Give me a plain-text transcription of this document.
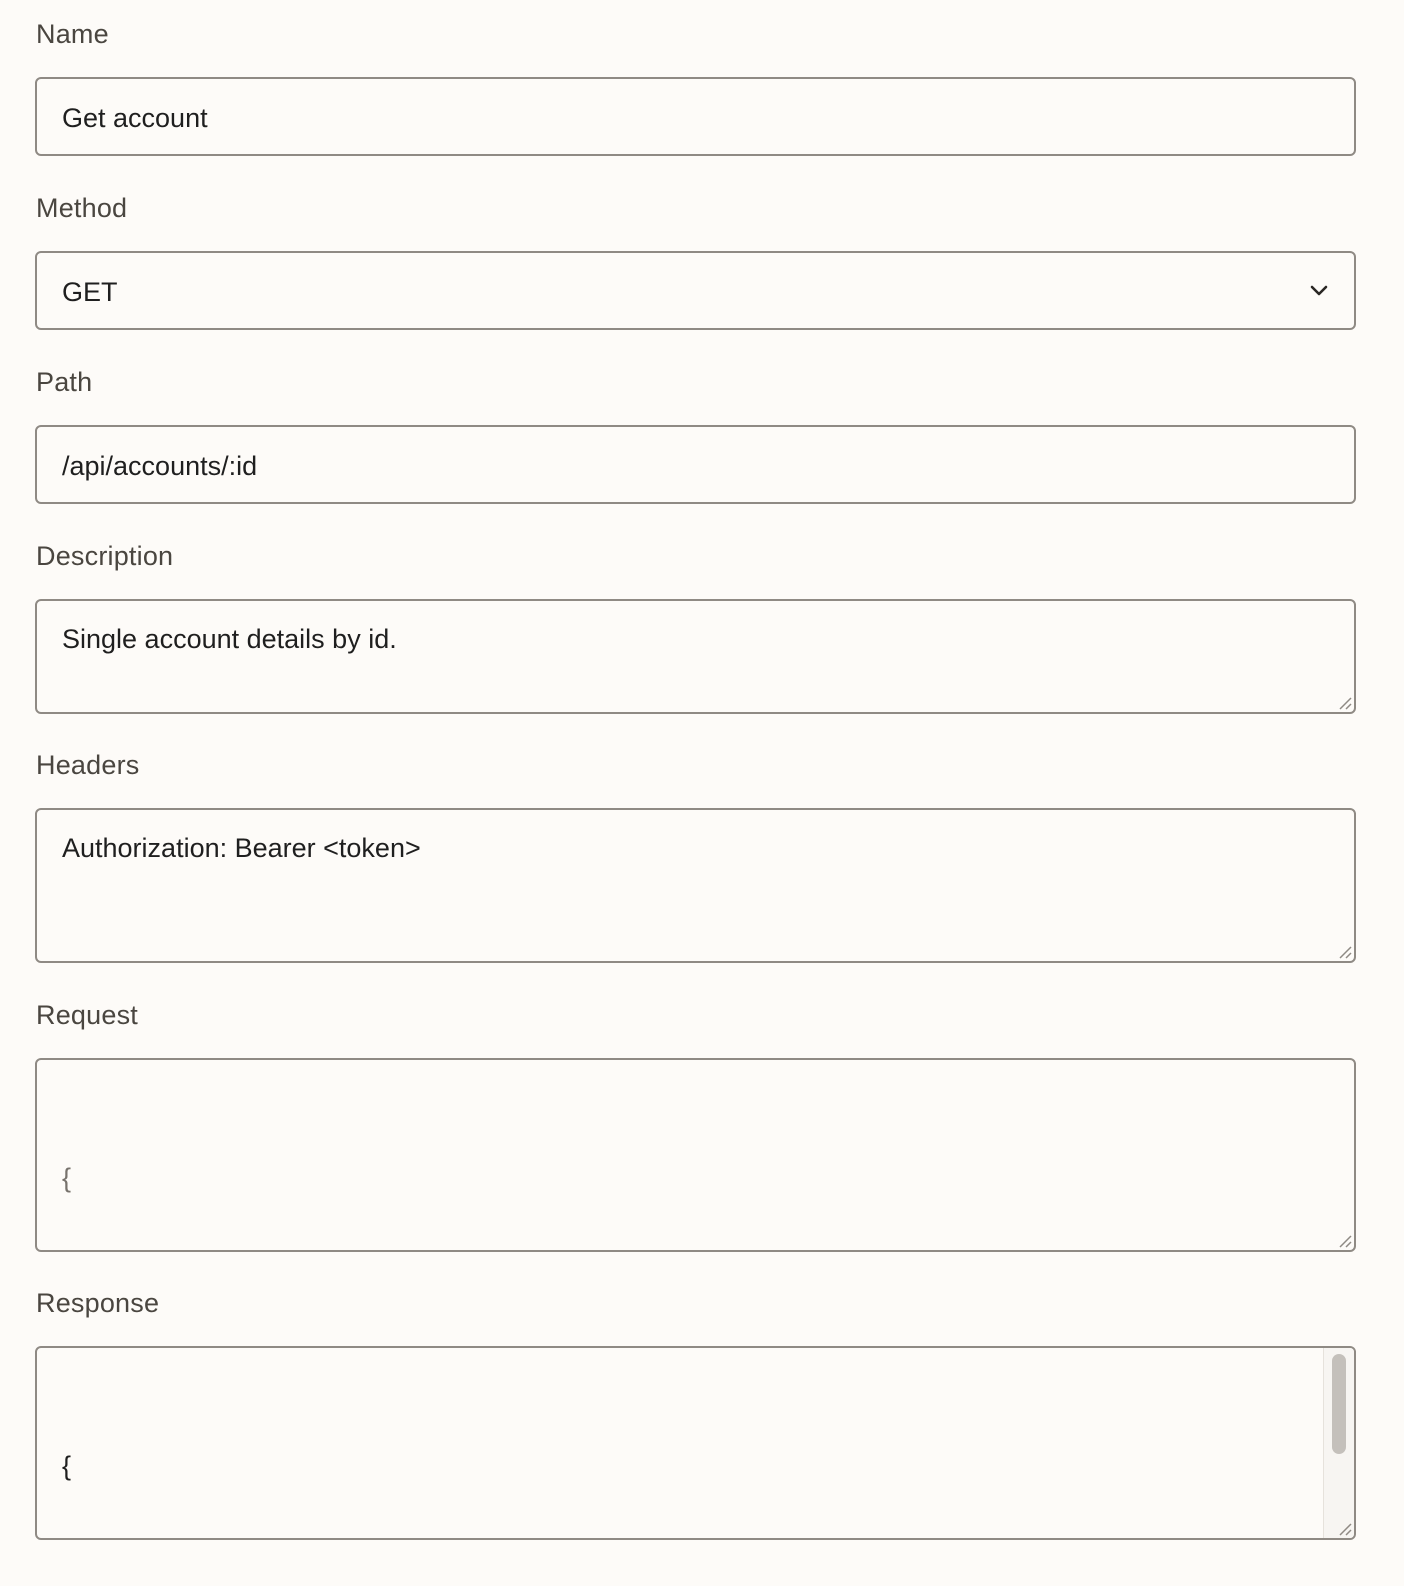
Name
Get account
Method
GET
Path
/api/accounts/:id
Description
Single account details by id.
Headers
Authorization: Bearer <token>
Request

{

Response

{
